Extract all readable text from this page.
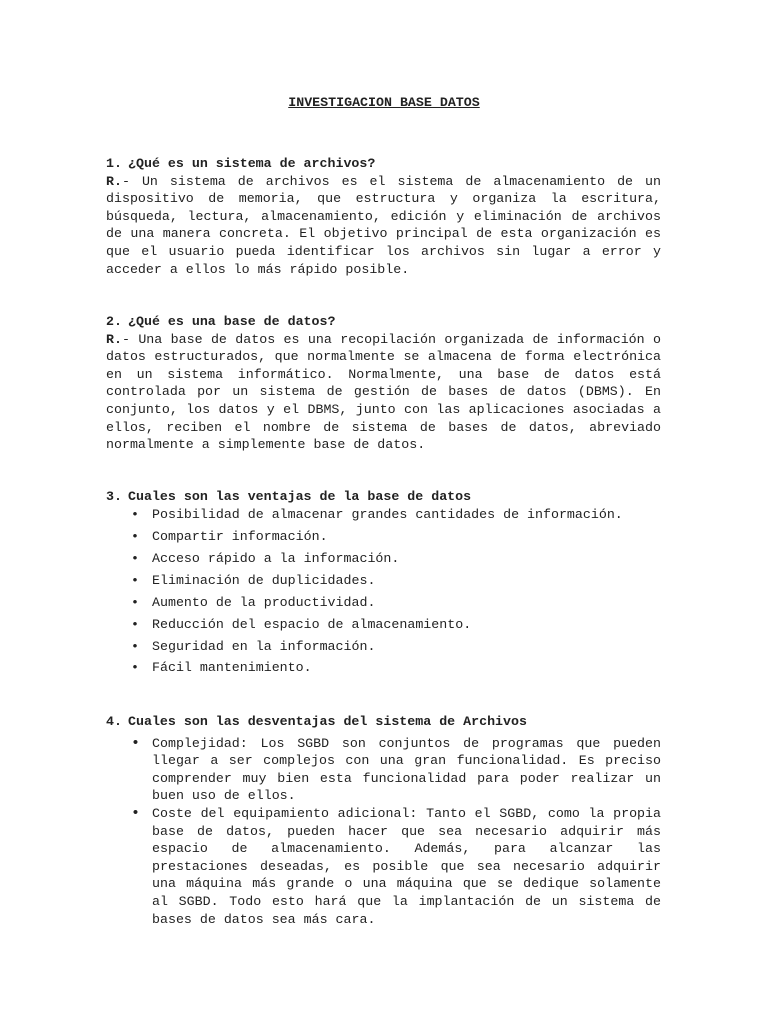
INVESTIGACION BASE DATOS
1. ¿Qué es un sistema de archivos?

R.- Un sistema de archivos es el sistema de almacenamiento de un dispositivo de memoria, que estructura y organiza la escritura, búsqueda, lectura, almacenamiento, edición y eliminación de archivos de una manera concreta. El objetivo principal de esta organización es que el usuario pueda identificar los archivos sin lugar a error y acceder a ellos lo más rápido posible.

2. ¿Qué es una base de datos?

R.- Una base de datos es una recopilación organizada de información o datos estructurados, que normalmente se almacena de forma electrónica en un sistema informático. Normalmente, una base de datos está controlada por un sistema de gestión de bases de datos (DBMS). En conjunto, los datos y el DBMS, junto con las aplicaciones asociadas a ellos, reciben el nombre de sistema de bases de datos, abreviado normalmente a simplemente base de datos.

3. Cuales son las ventajas de la base de datos
• Posibilidad de almacenar grandes cantidades de información.
• Compartir información.
• Acceso rápido a la información.
• Eliminación de duplicidades.
• Aumento de la productividad.
• Reducción del espacio de almacenamiento.
• Seguridad en la información.
• Fácil mantenimiento.
4. Cuales son las desventajas del sistema de Archivos
• Complejidad: Los SGBD son conjuntos de programas que pueden llegar a ser complejos con una gran funcionalidad. Es preciso comprender muy bien esta funcionalidad para poder realizar un buen uso de ellos.
• Coste del equipamiento adicional: Tanto el SGBD, como la propia base de datos, pueden hacer que sea necesario adquirir más espacio de almacenamiento. Además, para alcanzar las prestaciones deseadas, es posible que sea necesario adquirir una máquina más grande o una máquina que se dedique solamente al SGBD. Todo esto hará que la implantación de un sistema de bases de datos sea más cara.
